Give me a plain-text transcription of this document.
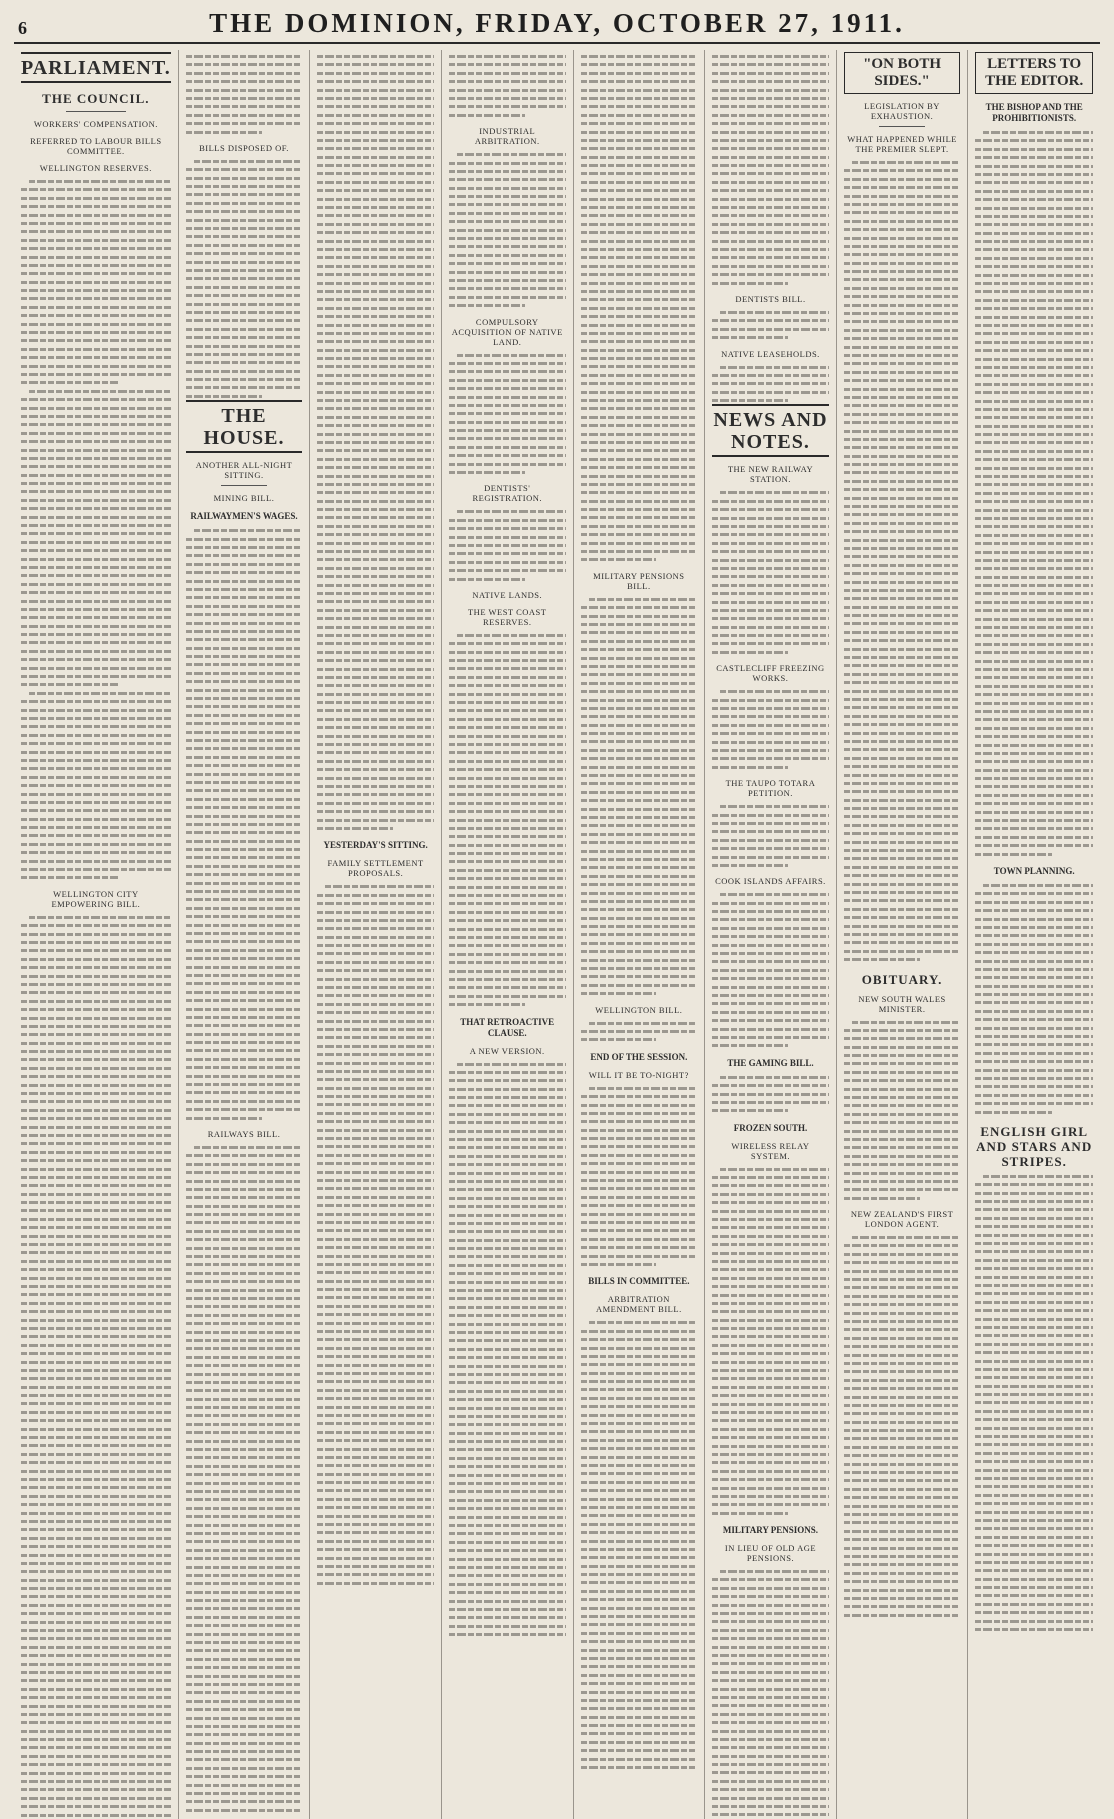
6	THE DOMINION, FRIDAY, OCTOBER 27, 1911.
PARLIAMENT.
THE COUNCIL.
WORKERS' COMPENSATION.
REFERRED TO LABOUR BILLS COMMITTEE.
WELLINGTON RESERVES.
WELLINGTON CITY EMPOWERING BILL.
BILLS DISPOSED OF.
THE HOUSE.
ANOTHER ALL-NIGHT SITTING.
MINING BILL.
RAILWAYMEN'S WAGES.
RAILWAYS BILL.
YESTERDAY'S SITTING.
FAMILY SETTLEMENT PROPOSALS.
INDUSTRIAL ARBITRATION.
COMPULSORY ACQUISITION OF NATIVE LAND.
DENTISTS' REGISTRATION.
NATIVE LANDS.
THE WEST COAST RESERVES.
THAT RETROACTIVE CLAUSE.
A NEW VERSION.
MILITARY PENSIONS BILL.
WELLINGTON BILL.
END OF THE SESSION.
WILL IT BE TO-NIGHT?
BILLS IN COMMITTEE.
ARBITRATION AMENDMENT BILL.
DENTISTS BILL.
NATIVE LEASEHOLDS.
NEWS AND NOTES.
THE NEW RAILWAY STATION.
CASTLECLIFF FREEZING WORKS.
THE TAUPO TOTARA PETITION.
COOK ISLANDS AFFAIRS.
THE GAMING BILL.
FROZEN SOUTH.
WIRELESS RELAY SYSTEM.
MILITARY PENSIONS.
IN LIEU OF OLD AGE PENSIONS.
"ON BOTH SIDES."
LEGISLATION BY EXHAUSTION.
WHAT HAPPENED WHILE THE PREMIER SLEPT.
OBITUARY.
NEW SOUTH WALES MINISTER.
NEW ZEALAND'S FIRST LONDON AGENT.
LETTERS TO THE EDITOR.
THE BISHOP AND THE PROHIBITIONISTS.
TOWN PLANNING.
ENGLISH GIRL AND STARS AND STRIPES.
